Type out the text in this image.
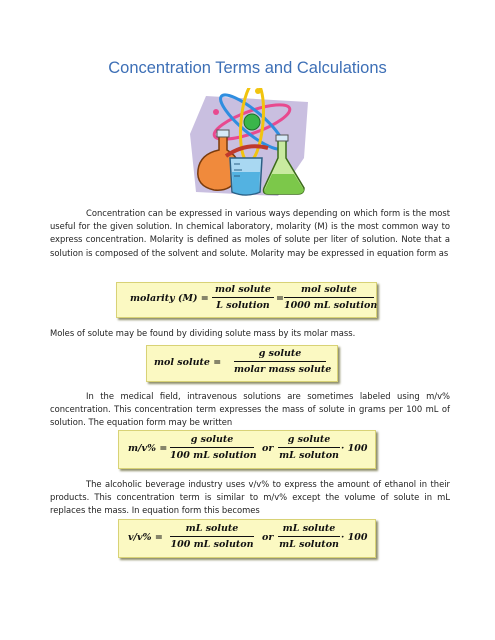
Concentration Terms and Calculations

Concentration can be expressed in various ways depending on which form is the most useful for the given solution. In chemical laboratory, molarity (M) is the most common way to express concentration. Molarity is defined as moles of solute per liter of solution. Note that a solution is composed of the solvent and solute. Molarity may be expressed in equation form as

molarity (M) =
mol solute
L solution
=
mol solute
1000 mL solution

Moles of solute may be found by dividing solute mass by its molar mass.

mol solute =
g solute
molar mass solute

In the medical field, intravenous solutions are sometimes labeled using m/v% concentration. This concentration term expresses the mass of solute in grams per 100 mL of solution. The equation form may be written

m/v% =
g solute
100 mL solution
or
g solute
mL soluton
· 100

The alcoholic beverage industry uses v/v% to express the amount of ethanol in their products. This concentration term is similar to m/v% except the volume of solute in mL replaces the mass. In equation form this becomes

v/v% =
mL solute
100 mL soluton
or
mL solute
mL soluton
· 100
